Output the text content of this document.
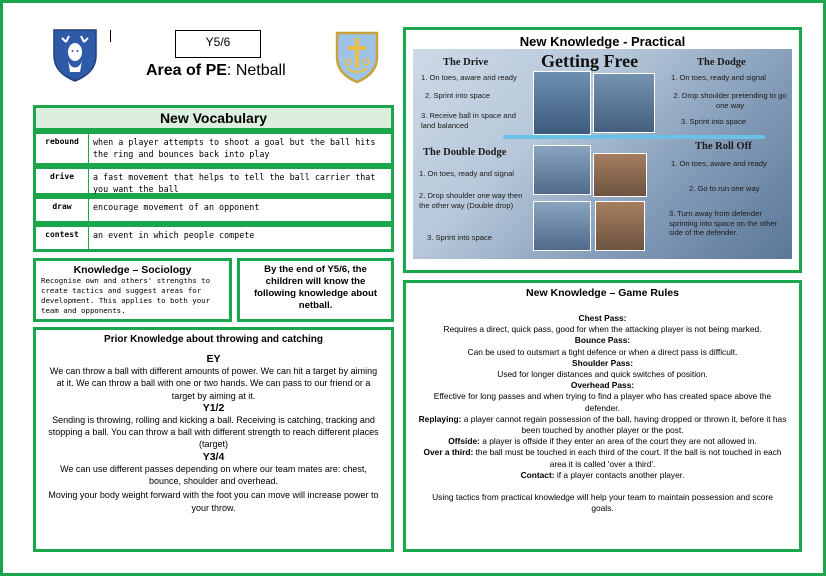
Y5/6
Area of PE: Netball
New Vocabulary
rebound	when a player attempts to shoot a goal but the ball hits the ring and bounces back into play
drive	a fast movement that helps to tell the ball carrier that you want the ball
draw	encourage movement of an opponent
contest	an event in which people compete
Knowledge – Sociology
Recognise own and others' strengths to create tactics and suggest areas for development. This applies to both your team and opponents.
By the end of Y5/6, the children will know the following knowledge about netball.
Prior Knowledge about throwing and catching
EY
We can throw a ball with different amounts of power. We can hit a target by aiming at it. We can throw a ball with one or two hands. We can pass to our friend or a target by aiming at it.
Y1/2
Sending is throwing, rolling and kicking a ball. Receiving is catching, tracking and stopping a ball. You can throw a ball with different strength to reach different places (target)
Y3/4
We can use different passes depending on where our team mates are: chest, bounce, shoulder and overhead.
Moving your body weight forward with the foot you can move will increase power to your throw.
New Knowledge - Practical
The Drive
1. On toes, aware and ready
2. Sprint into space
3. Receive ball in space and land balanced
Getting Free	The Dodge
1. On toes, ready and signal
2. Drop shoulder pretending to go one way
3. Sprint into space
The Double Dodge
1. On toes, ready and signal
2. Drop shoulder one way then the other way (Double drop)
3. Sprint into space
The Roll Off
1. On toes, aware and ready
2. Go to run one way
3. Turn away from defender sprinting into space on the other side of the defender.
New Knowledge – Game Rules
Chest Pass:
Requires a direct, quick pass, good for when the attacking player is not being marked.
Bounce Pass:
Can be used to outsmart a tight defence or when a direct pass is difficult.
Shoulder Pass:
Used for longer distances and quick switches of position.
Overhead Pass:
Effective for long passes and when trying to find a player who has created space above the defender.
Replaying: a player cannot regain possession of the ball, having dropped or thrown it, before it has been touched by another player or the post.
Offside: a player is offside if they enter an area of the court they are not allowed in.
Over a third: the ball must be touched in each third of the court. If the ball is not touched in each area it is called 'over a third'.
Contact: if a player contacts another player.
Using tactics from practical knowledge will help your team to maintain possession and score goals.
